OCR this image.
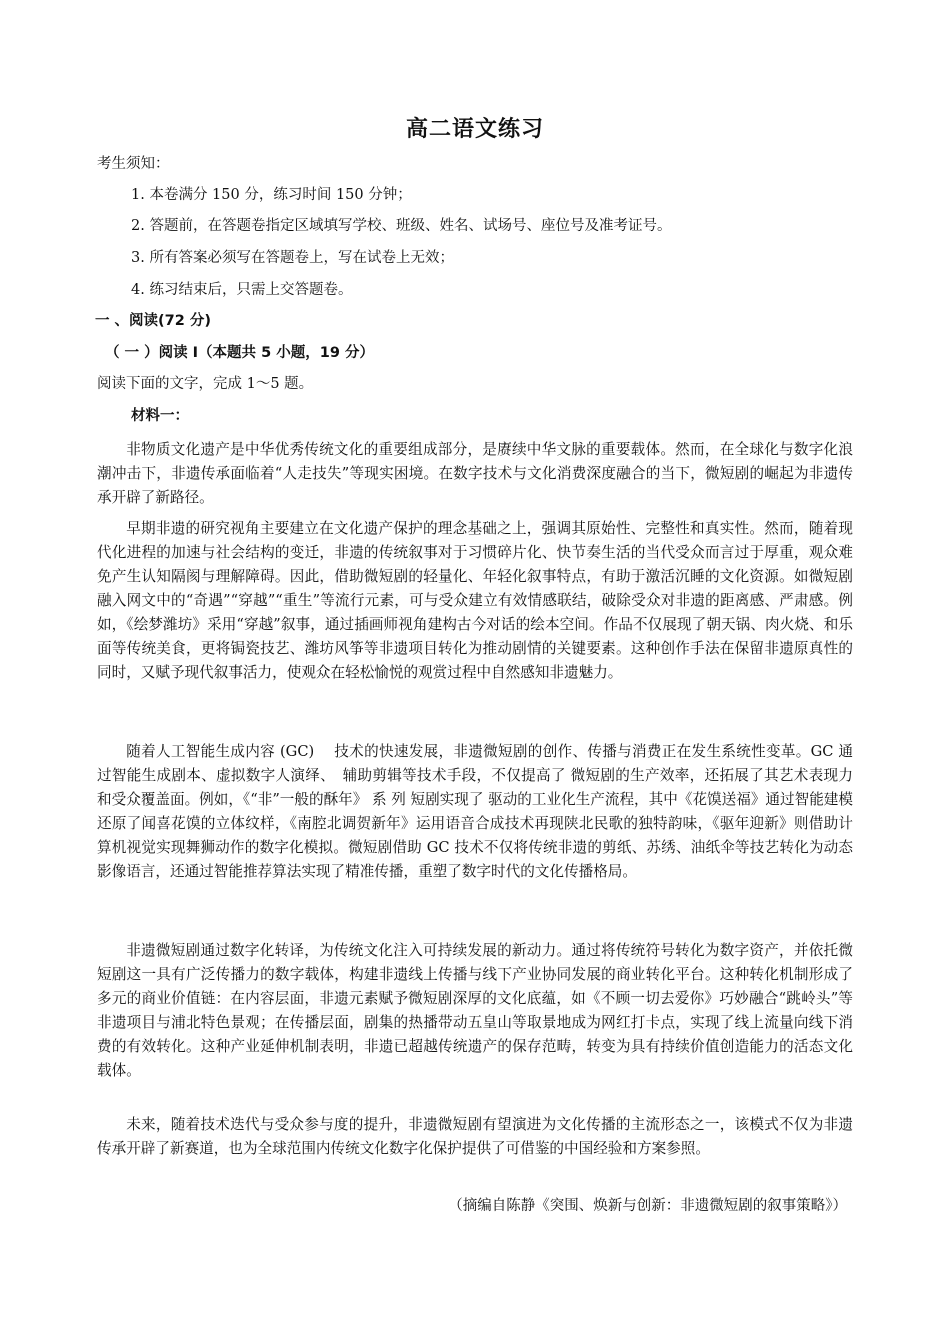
高二语文练习
考生须知：
1. 本卷满分 150 分，练习时间 150 分钟；
2. 答题前，在答题卷指定区域填写学校、班级、姓名、试场号、座位号及准考证号。
3. 所有答案必须写在答题卷上，写在试卷上无效；
4. 练习结束后，只需上交答题卷。
一 、阅读(72 分)
（ 一 ）阅读 I（本题共 5 小题，19 分）
阅读下面的文字，完成 1～5 题。
材料一：

非物质文化遗产是中华优秀传统文化的重要组成部分，是赓续中华文脉的重要载体。然而，在全球化与数字化浪潮冲击下，非遗传承面临着“人走技失”等现实困境。在数字技术与文化消费深度融合的当下，微短剧的崛起为非遗传承开辟了新路径。

早期非遗的研究视角主要建立在文化遗产保护的理念基础之上，强调其原始性、完整性和真实性。然而，随着现代化进程的加速与社会结构的变迁，非遗的传统叙事对于习惯碎片化、快节奏生活的当代受众而言过于厚重，观众难免产生认知隔阂与理解障碍。因此，借助微短剧的轻量化、年轻化叙事特点，有助于激活沉睡的文化资源。如微短剧融入网文中的“奇遇”“穿越”“重生”等流行元素，可与受众建立有效情感联结，破除受众对非遗的距离感、严肃感。例如，《绘梦潍坊》采用“穿越”叙事，通过插画师视角建构古今对话的绘本空间。作品不仅展现了朝天锅、肉火烧、和乐面等传统美食，更将锔瓷技艺、潍坊风筝等非遗项目转化为推动剧情的关键要素。这种创作手法在保留非遗原真性的同时，又赋予现代叙事活力，使观众在轻松愉悦的观赏过程中自然感知非遗魅力。

随着人工智能生成内容 (GC)　 技术的快速发展，非遗微短剧的创作、传播与消费正在发生系统性变革。GC 通过智能生成剧本、虚拟数字人演绎、　辅助剪辑等技术手段，不仅提高了 微短剧的生产效率，还拓展了其艺术表现力和受众覆盖面。例如，《“非”一般的酥年》 系 列 短剧实现了 驱动的工业化生产流程，其中《花馍送福》通过智能建模还原了闻喜花馍的立体纹样，《南腔北调贺新年》运用语音合成技术再现陕北民歌的独特韵味，《驱年迎新》则借助计算机视觉实现舞狮动作的数字化模拟。微短剧借助 GC 技术不仅将传统非遗的剪纸、苏绣、油纸伞等技艺转化为动态影像语言，还通过智能推荐算法实现了精准传播，重塑了数字时代的文化传播格局。

非遗微短剧通过数字化转译，为传统文化注入可持续发展的新动力。通过将传统符号转化为数字资产，并依托微短剧这一具有广泛传播力的数字载体，构建非遗线上传播与线下产业协同发展的商业转化平台。这种转化机制形成了多元的商业价值链：在内容层面，非遗元素赋予微短剧深厚的文化底蕴，如《不顾一切去爱你》巧妙融合“跳岭头”等非遗项目与浦北特色景观；在传播层面，剧集的热播带动五皇山等取景地成为网红打卡点，实现了线上流量向线下消费的有效转化。这种产业延伸机制表明，非遗已超越传统遗产的保存范畴，转变为具有持续价值创造能力的活态文化载体。

未来，随着技术迭代与受众参与度的提升，非遗微短剧有望演进为文化传播的主流形态之一，该模式不仅为非遗传承开辟了新赛道，也为全球范围内传统文化数字化保护提供了可借鉴的中国经验和方案参照。

（摘编自陈静《突围、焕新与创新：非遗微短剧的叙事策略》）
